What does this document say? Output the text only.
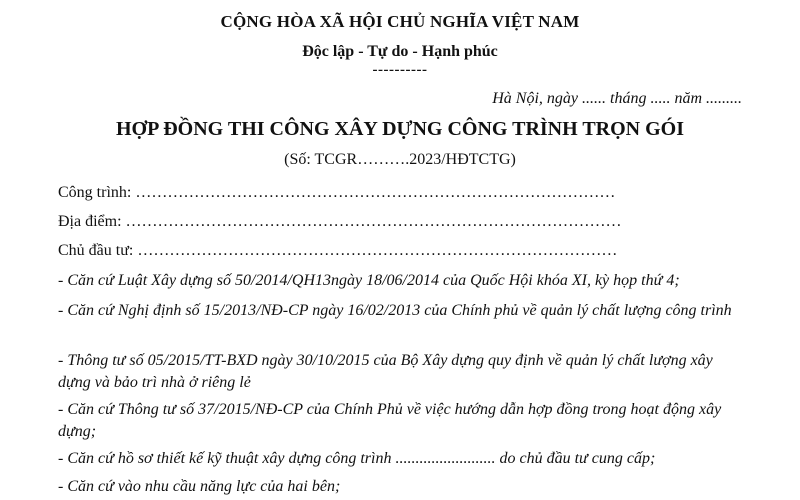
CỘNG HÒA XÃ HỘI CHỦ NGHĨA VIỆT NAM
Độc lập - Tự do - Hạnh phúc
----------
Hà Nội, ngày ...... tháng ..... năm .........
HỢP ĐỒNG THI CÔNG XÂY DỰNG CÔNG TRÌNH TRỌN GÓI
(Số: TCGR……….2023/HĐTCTG)
Công trình: ………………………………………………………………………………
Địa điểm: …………………………………………………………………………………
Chủ đầu tư: ………………………………………………………………………………
- Căn cứ Luật Xây dựng số 50/2014/QH13ngày 18/06/2014 của Quốc Hội khóa XI, kỳ họp thứ 4;
- Căn cứ Nghị định số 15/2013/NĐ-CP ngày 16/02/2013 của Chính phủ về quản lý chất lượng công trình
- Thông tư số 05/2015/TT-BXD ngày 30/10/2015 của Bộ Xây dựng quy định về quản lý chất lượng xây dựng và bảo trì nhà ở riêng lẻ
- Căn cứ Thông tư số 37/2015/NĐ-CP của Chính Phủ về việc hướng dẫn hợp đồng trong hoạt động xây dựng;
- Căn cứ hồ sơ thiết kế kỹ thuật xây dựng công trình ......................... do chủ đầu tư cung cấp;
- Căn cứ vào nhu cầu năng lực của hai bên;
